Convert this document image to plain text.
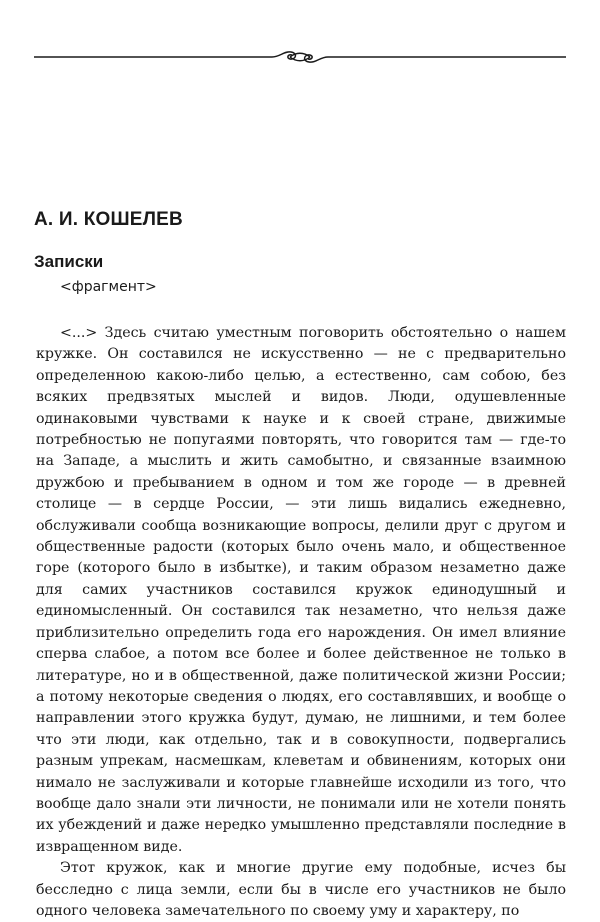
А. И. КОШЕЛЕВ
Записки
<фрагмент>

<...> Здесь считаю уместным поговорить обстоятельно о нашем кружке. Он составился не искусственно — не с предварительно определенною какою-либо целью, а естественно, сам собою, без всяких предвзятых мыслей и видов. Люди, одушевленные одинаковыми чувствами к науке и к своей стране, движимые потребностью не попугаями повторять, что говорится там — где-то на Западе, а мыслить и жить самобытно, и связанные взаимною дружбою и пребыванием в одном и том же городе — в древней столице — в сердце России, — эти лишь видались ежедневно, обслуживали сообща возникающие вопросы, делили друг с другом и общественные радости (которых было очень мало, и общественное горе (которого было в избытке), и таким образом незаметно даже для самих участников составился кружок единодушный и единомысленный. Он составился так незаметно, что нельзя даже приблизительно определить года его нарождения. Он имел влияние сперва слабое, а потом все более и более действенное не только в литературе, но и в общественной, даже политической жизни России; а потому некоторые сведения о людях, его составлявших, и вообще о направлении этого кружка будут, думаю, не лишними, и тем более что эти люди, как отдельно, так и в совокупности, подвергались разным упрекам, насмешкам, клеветам и обвинениям, которых они нимало не заслуживали и которые главнейше исходили из того, что вообще дало знали эти личности, не понимали или не хотели понять их убеждений и даже нередко умышленно представляли последние в извращенном виде.

Этот кружок, как и многие другие ему подобные, исчез бы бесследно с лица земли, если бы в числе его участников не было одного человека замечательного по своему уму и характеру, по
